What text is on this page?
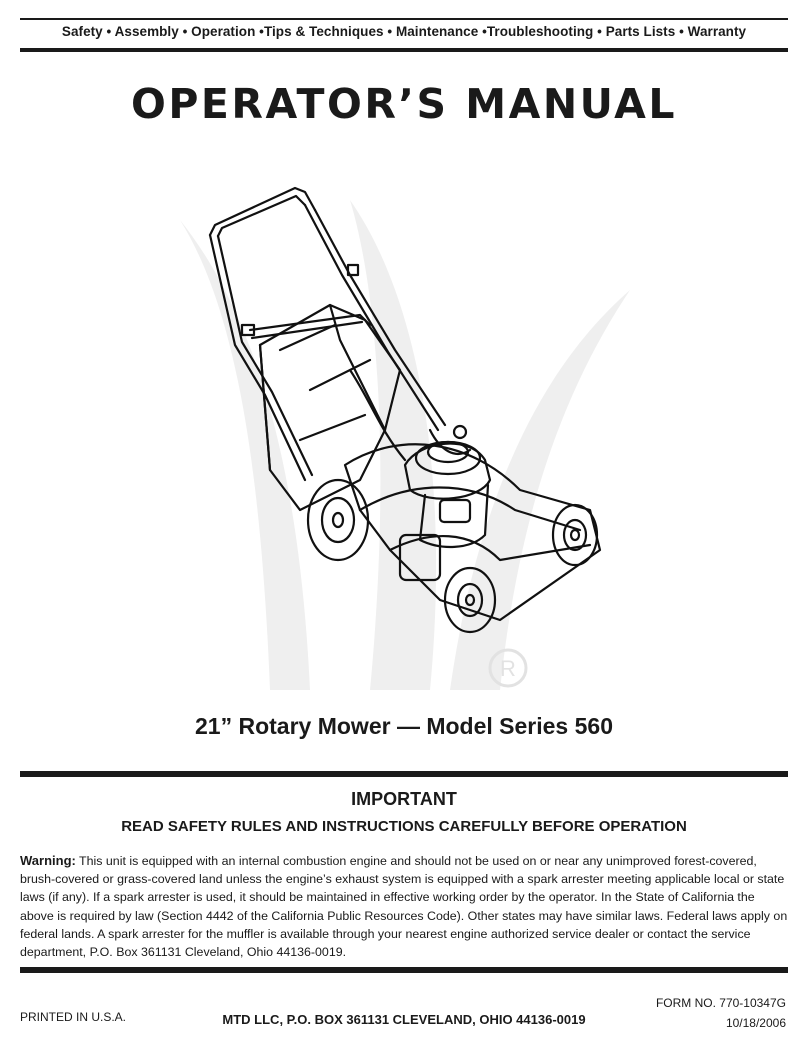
Safety • Assembly • Operation •Tips & Techniques • Maintenance •Troubleshooting • Parts Lists • Warranty
OPERATOR’S MANUAL
R
21” Rotary Mower — Model Series 560
IMPORTANT
READ SAFETY RULES AND INSTRUCTIONS CAREFULLY BEFORE OPERATION
Warning: This unit is equipped with an internal combustion engine and should not be used on or near any unimproved forest-covered, brush-covered or grass-covered land unless the engine’s exhaust system is equipped with a spark arrester meeting applicable local or state laws (if any). If a spark arrester is used, it should be maintained in effective working order by the operator. In the State of California the above is required by law (Section 4442 of the California Public Resources Code). Other states may have similar laws. Federal laws apply on federal lands. A spark arrester for the muffler is available through your nearest engine authorized service dealer or contact the service department, P.O. Box 361131 Cleveland, Ohio 44136-0019.
PRINTED IN U.S.A.	MTD LLC, P.O. BOX 361131 CLEVELAND, OHIO 44136-0019
FORM NO. 770-10347G
10/18/2006
